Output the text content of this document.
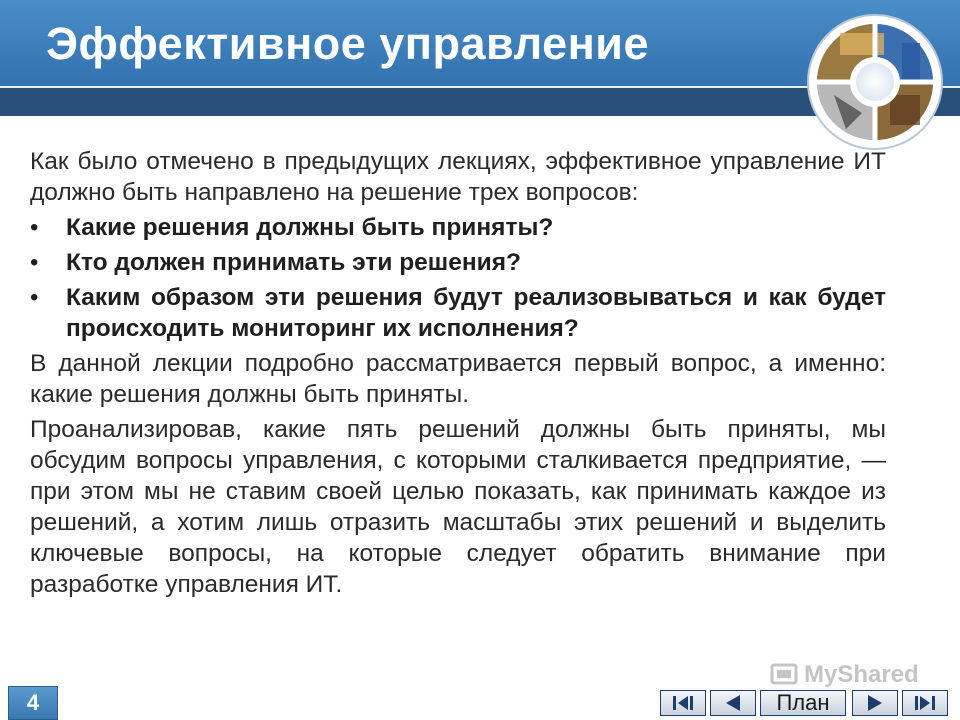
Эффективное управление

Как было отмечено в предыдущих лекциях, эффективное управление ИТ должно быть направлено на решение трех вопросов:

•	Какие решения должны быть приняты?
•	Кто должен принимать эти решения?
•	Каким образом эти решения будут реализовываться и как будет происходить мониторинг их исполнения?

В данной лекции подробно рассматривается первый вопрос, а именно: какие решения должны быть приняты.

Проанализировав, какие пять решений должны быть приняты, мы обсудим вопросы управления, с которыми сталкивается предприятие, — при этом мы не ставим своей целью показать, как принимать каждое из решений, а хотим лишь отразить масштабы этих решений и выделить ключевые вопросы, на которые следует обратить внимание при разработке управления ИТ.

4
MyShared
План
